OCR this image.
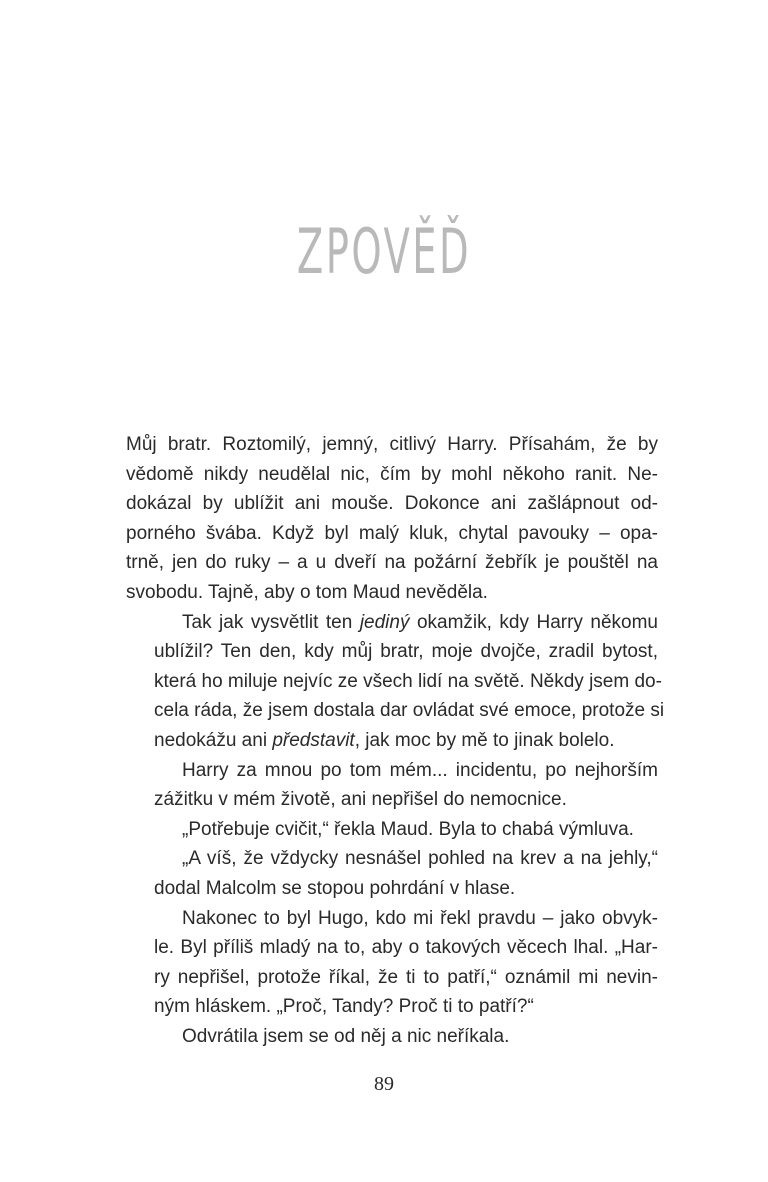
ZPOVĚĎ

Můj bratr. Roztomilý, jemný, citlivý Harry. Přísahám, že by
vědomě nikdy neudělal nic, čím by mohl někoho ranit. Ne-
dokázal by ublížit ani mouše. Dokonce ani zašlápnout od-
porného švába. Když byl malý kluk, chytal pavouky – opa-
trně, jen do ruky – a u dveří na požární žebřík je pouštěl na
svobodu. Tajně, aby o tom Maud nevěděla.

Tak jak vysvětlit ten jediný okamžik, kdy Harry někomu
ublížil? Ten den, kdy můj bratr, moje dvojče, zradil bytost,
která ho miluje nejvíc ze všech lidí na světě. Někdy jsem do-
cela ráda, že jsem dostala dar ovládat své emoce, protože si
nedokážu ani představit, jak moc by mě to jinak bolelo.

Harry za mnou po tom mém... incidentu, po nejhorším
zážitku v mém životě, ani nepřišel do nemocnice.

„Potřebuje cvičit,“ řekla Maud. Byla to chabá výmluva.

„A víš, že vždycky nesnášel pohled na krev a na jehly,“
dodal Malcolm se stopou pohrdání v hlase.

Nakonec to byl Hugo, kdo mi řekl pravdu – jako obvyk-
le. Byl příliš mladý na to, aby o takových věcech lhal. „Har-
ry nepřišel, protože říkal, že ti to patří,“ oznámil mi nevin-
ným hláskem. „Proč, Tandy? Proč ti to patří?“

Odvrátila jsem se od něj a nic neříkala.

89
